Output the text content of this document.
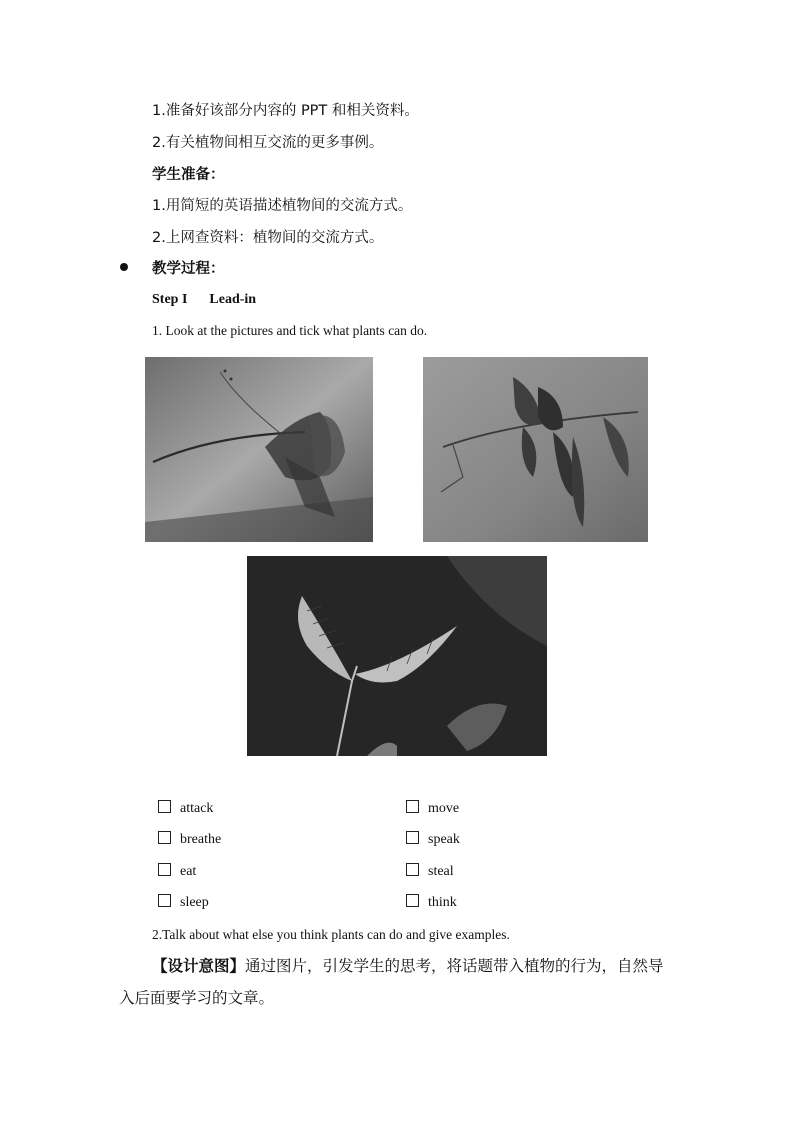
1.准备好该部分内容的 PPT 和相关资料。
2.有关植物间相互交流的更多事例。
学生准备：
1.用简短的英语描述植物间的交流方式。
2.上网查资料：植物间的交流方式。
教学过程：
Step I Lead-in
1. Look at the pictures and tick what plants can do.
attack
breathe
eat
sleep
move
speak
steal
think
2.Talk about what else you think plants can do and give examples.
【设计意图】通过图片，引发学生的思考，将话题带入植物的行为，自然导
入后面要学习的文章。
